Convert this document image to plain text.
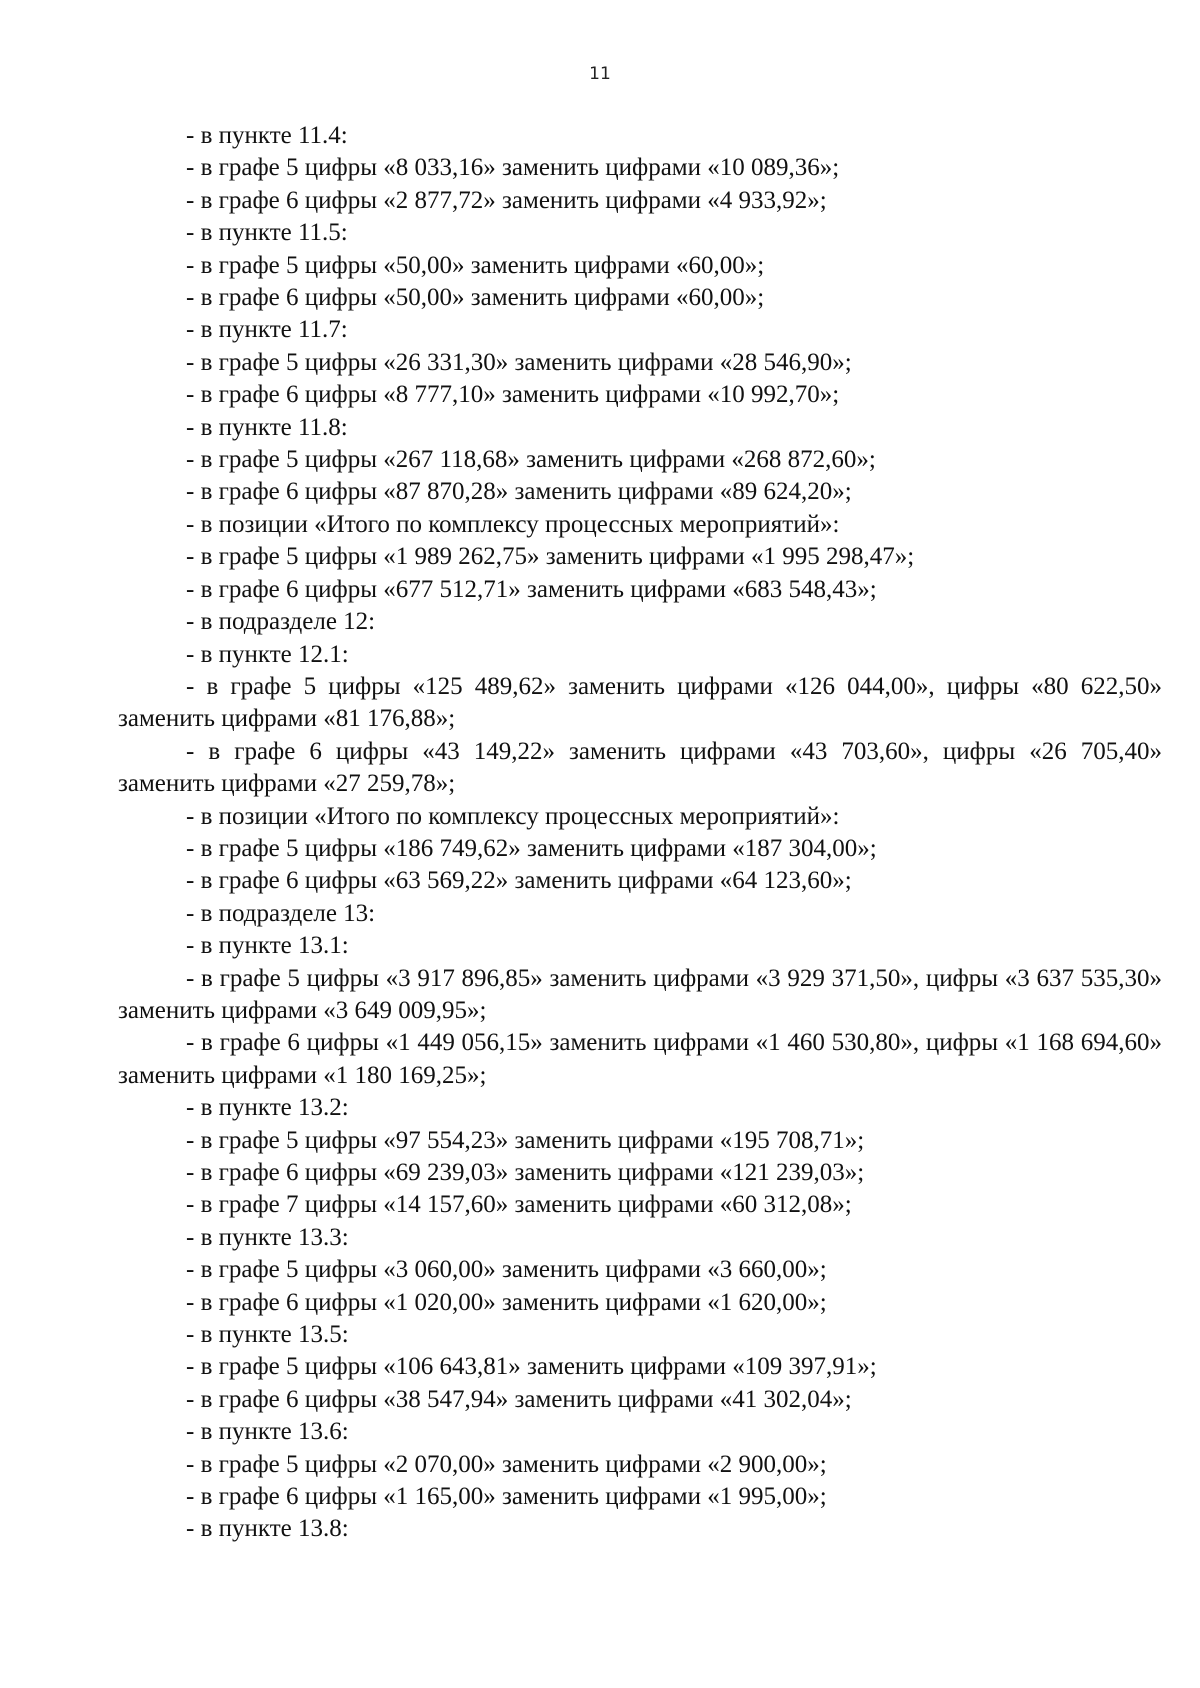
11

- в пункте 11.4:

- в графе 5 цифры «8 033,16» заменить цифрами «10 089,36»;

- в графе 6 цифры «2 877,72» заменить цифрами «4 933,92»;

- в пункте 11.5:

- в графе 5 цифры «50,00» заменить цифрами «60,00»;

- в графе 6 цифры «50,00» заменить цифрами «60,00»;

- в пункте 11.7:

- в графе 5 цифры «26 331,30» заменить цифрами «28 546,90»;

- в графе 6 цифры «8 777,10» заменить цифрами «10 992,70»;

- в пункте 11.8:

- в графе 5 цифры «267 118,68» заменить цифрами «268 872,60»;

- в графе 6 цифры «87 870,28» заменить цифрами «89 624,20»;

- в позиции «Итого по комплексу процессных мероприятий»:

- в графе 5 цифры «1 989 262,75» заменить цифрами «1 995 298,47»;

- в графе 6 цифры «677 512,71» заменить цифрами «683 548,43»;

- в подразделе 12:

- в пункте 12.1:

- в графе 5 цифры «125 489,62» заменить цифрами «126 044,00», цифры «80 622,50» заменить цифрами «81 176,88»;

- в графе 6 цифры «43 149,22» заменить цифрами «43 703,60», цифры «26 705,40» заменить цифрами «27 259,78»;

- в позиции «Итого по комплексу процессных мероприятий»:

- в графе 5 цифры «186 749,62» заменить цифрами «187 304,00»;

- в графе 6 цифры «63 569,22» заменить цифрами «64 123,60»;

- в подразделе 13:

- в пункте 13.1:

- в графе 5 цифры «3 917 896,85» заменить цифрами «3 929 371,50», цифры «3 637 535,30» заменить цифрами «3 649 009,95»;

- в графе 6 цифры «1 449 056,15» заменить цифрами «1 460 530,80», цифры «1 168 694,60» заменить цифрами «1 180 169,25»;

- в пункте 13.2:

- в графе 5 цифры «97 554,23» заменить цифрами «195 708,71»;

- в графе 6 цифры «69 239,03» заменить цифрами «121 239,03»;

- в графе 7 цифры «14 157,60» заменить цифрами «60 312,08»;

- в пункте 13.3:

- в графе 5 цифры «3 060,00» заменить цифрами «3 660,00»;

- в графе 6 цифры «1 020,00» заменить цифрами «1 620,00»;

- в пункте 13.5:

- в графе 5 цифры «106 643,81» заменить цифрами «109 397,91»;

- в графе 6 цифры «38 547,94» заменить цифрами «41 302,04»;

- в пункте 13.6:

- в графе 5 цифры «2 070,00» заменить цифрами «2 900,00»;

- в графе 6 цифры «1 165,00» заменить цифрами «1 995,00»;

- в пункте 13.8:
